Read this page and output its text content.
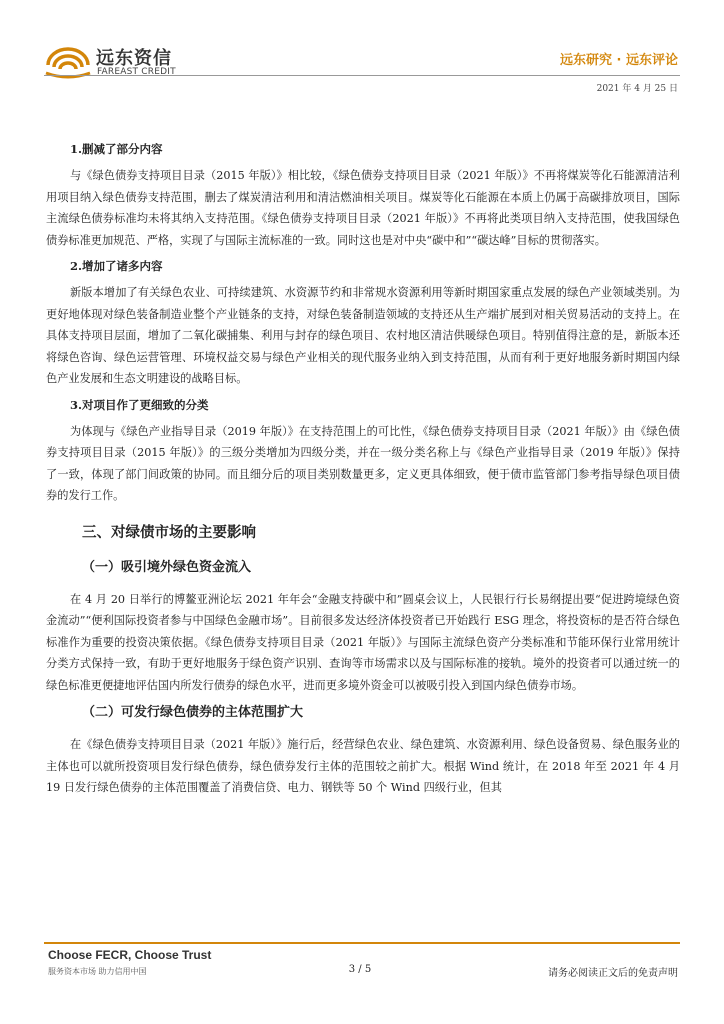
远东资信
FAREAST CREDIT
远东研究 · 远东评论
2021 年 4 月 25 日
1.删减了部分内容
与《绿色债券支持项目目录（2015 年版）》相比较，《绿色债券支持项目目录（2021 年版）》不再将煤炭等化石能源清洁利用项目纳入绿色债券支持范围，删去了煤炭清洁利用和清洁燃油相关项目。煤炭等化石能源在本质上仍属于高碳排放项目，国际主流绿色债券标准均未将其纳入支持范围。《绿色债券支持项目目录（2021 年版）》不再将此类项目纳入支持范围，使我国绿色债券标准更加规范、严格，实现了与国际主流标准的一致。同时这也是对中央“碳中和”“碳达峰”目标的贯彻落实。
2.增加了诸多内容
新版本增加了有关绿色农业、可持续建筑、水资源节约和非常规水资源利用等新时期国家重点发展的绿色产业领域类别。为更好地体现对绿色装备制造业整个产业链条的支持，对绿色装备制造领域的支持还从生产端扩展到对相关贸易活动的支持上。在具体支持项目层面，增加了二氧化碳捕集、利用与封存的绿色项目、农村地区清洁供暖绿色项目。特别值得注意的是，新版本还将绿色咨询、绿色运营管理、环境权益交易与绿色产业相关的现代服务业纳入到支持范围，从而有利于更好地服务新时期国内绿色产业发展和生态文明建设的战略目标。
3.对项目作了更细致的分类
为体现与《绿色产业指导目录（2019 年版）》在支持范围上的可比性，《绿色债券支持项目目录（2021 年版）》由《绿色债券支持项目目录（2015 年版）》的三级分类增加为四级分类，并在一级分类名称上与《绿色产业指导目录（2019 年版）》保持了一致，体现了部门间政策的协同。而且细分后的项目类别数量更多，定义更具体细致，便于债市监管部门参考指导绿色项目债券的发行工作。
三、对绿债市场的主要影响
（一）吸引境外绿色资金流入
在 4 月 20 日举行的博鳌亚洲论坛 2021 年年会“金融支持碳中和”圆桌会议上，人民银行行长易纲提出要“促进跨境绿色资金流动”“便利国际投资者参与中国绿色金融市场”。目前很多发达经济体投资者已开始践行 ESG 理念，将投资标的是否符合绿色标准作为重要的投资决策依据。《绿色债券支持项目目录（2021 年版）》与国际主流绿色资产分类标准和节能环保行业常用统计分类方式保持一致，有助于更好地服务于绿色资产识别、查询等市场需求以及与国际标准的接轨。境外的投资者可以通过统一的绿色标准更便捷地评估国内所发行债券的绿色水平，进而更多境外资金可以被吸引投入到国内绿色债券市场。
（二）可发行绿色债券的主体范围扩大
在《绿色债券支持项目目录（2021 年版）》施行后，经营绿色农业、绿色建筑、水资源利用、绿色设备贸易、绿色服务业的主体也可以就所投资项目发行绿色债券，绿色债券发行主体的范围较之前扩大。根据 Wind 统计，在 2018 年至 2021 年 4 月 19 日发行绿色债券的主体范围覆盖了消费信贷、电力、钢铁等 50 个 Wind 四级行业，但其
Choose FECR, Choose Trust
服务资本市场 助力信用中国	3 / 5	请务必阅读正文后的免责声明
